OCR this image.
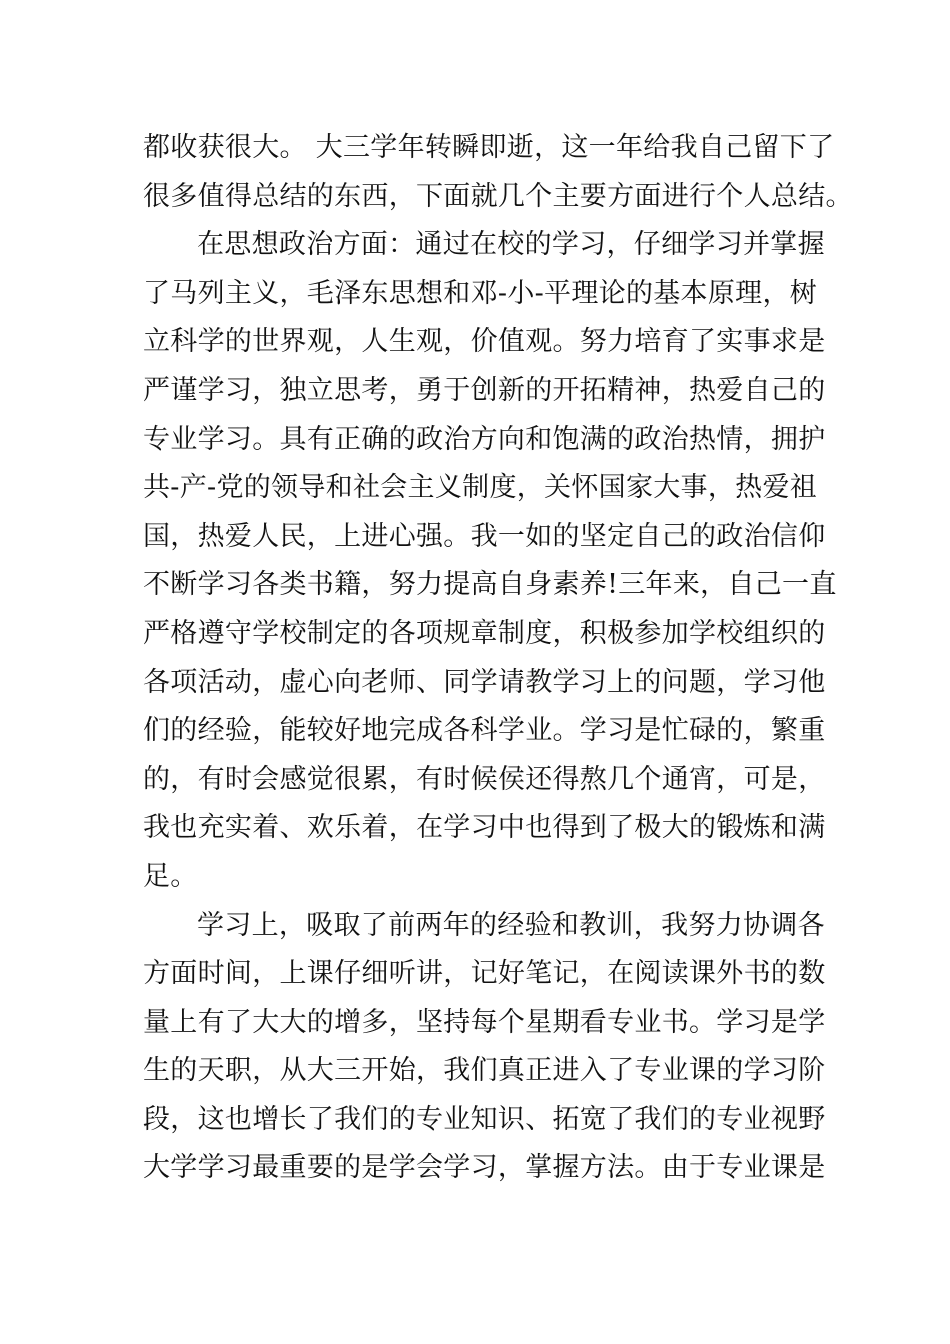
都收获很大。 大三学年转瞬即逝，这一年给我自己留下了
很多值得总结的东西，下面就几个主要方面进行个人总结。
在思想政治方面：通过在校的学习，仔细学习并掌握
了马列主义，毛泽东思想和邓-小-平理论的基本原理，树
立科学的世界观，人生观，价值观。努力培育了实事求是
严谨学习，独立思考，勇于创新的开拓精神，热爱自己的
专业学习。具有正确的政治方向和饱满的政治热情，拥护
共-产-党的领导和社会主义制度，关怀国家大事，热爱祖
国，热爱人民，上进心强。我一如的坚定自己的政治信仰
不断学习各类书籍，努力提高自身素养!三年来，自己一直
严格遵守学校制定的各项规章制度，积极参加学校组织的
各项活动，虚心向老师、同学请教学习上的问题，学习他
们的经验，能较好地完成各科学业。学习是忙碌的，繁重
的，有时会感觉很累，有时候侯还得熬几个通宵，可是，
我也充实着、欢乐着，在学习中也得到了极大的锻炼和满
足。
学习上，吸取了前两年的经验和教训，我努力协调各
方面时间，上课仔细听讲，记好笔记，在阅读课外书的数
量上有了大大的增多，坚持每个星期看专业书。学习是学
生的天职，从大三开始，我们真正进入了专业课的学习阶
段，这也增长了我们的专业知识、拓宽了我们的专业视野
大学学习最重要的是学会学习，掌握方法。由于专业课是
